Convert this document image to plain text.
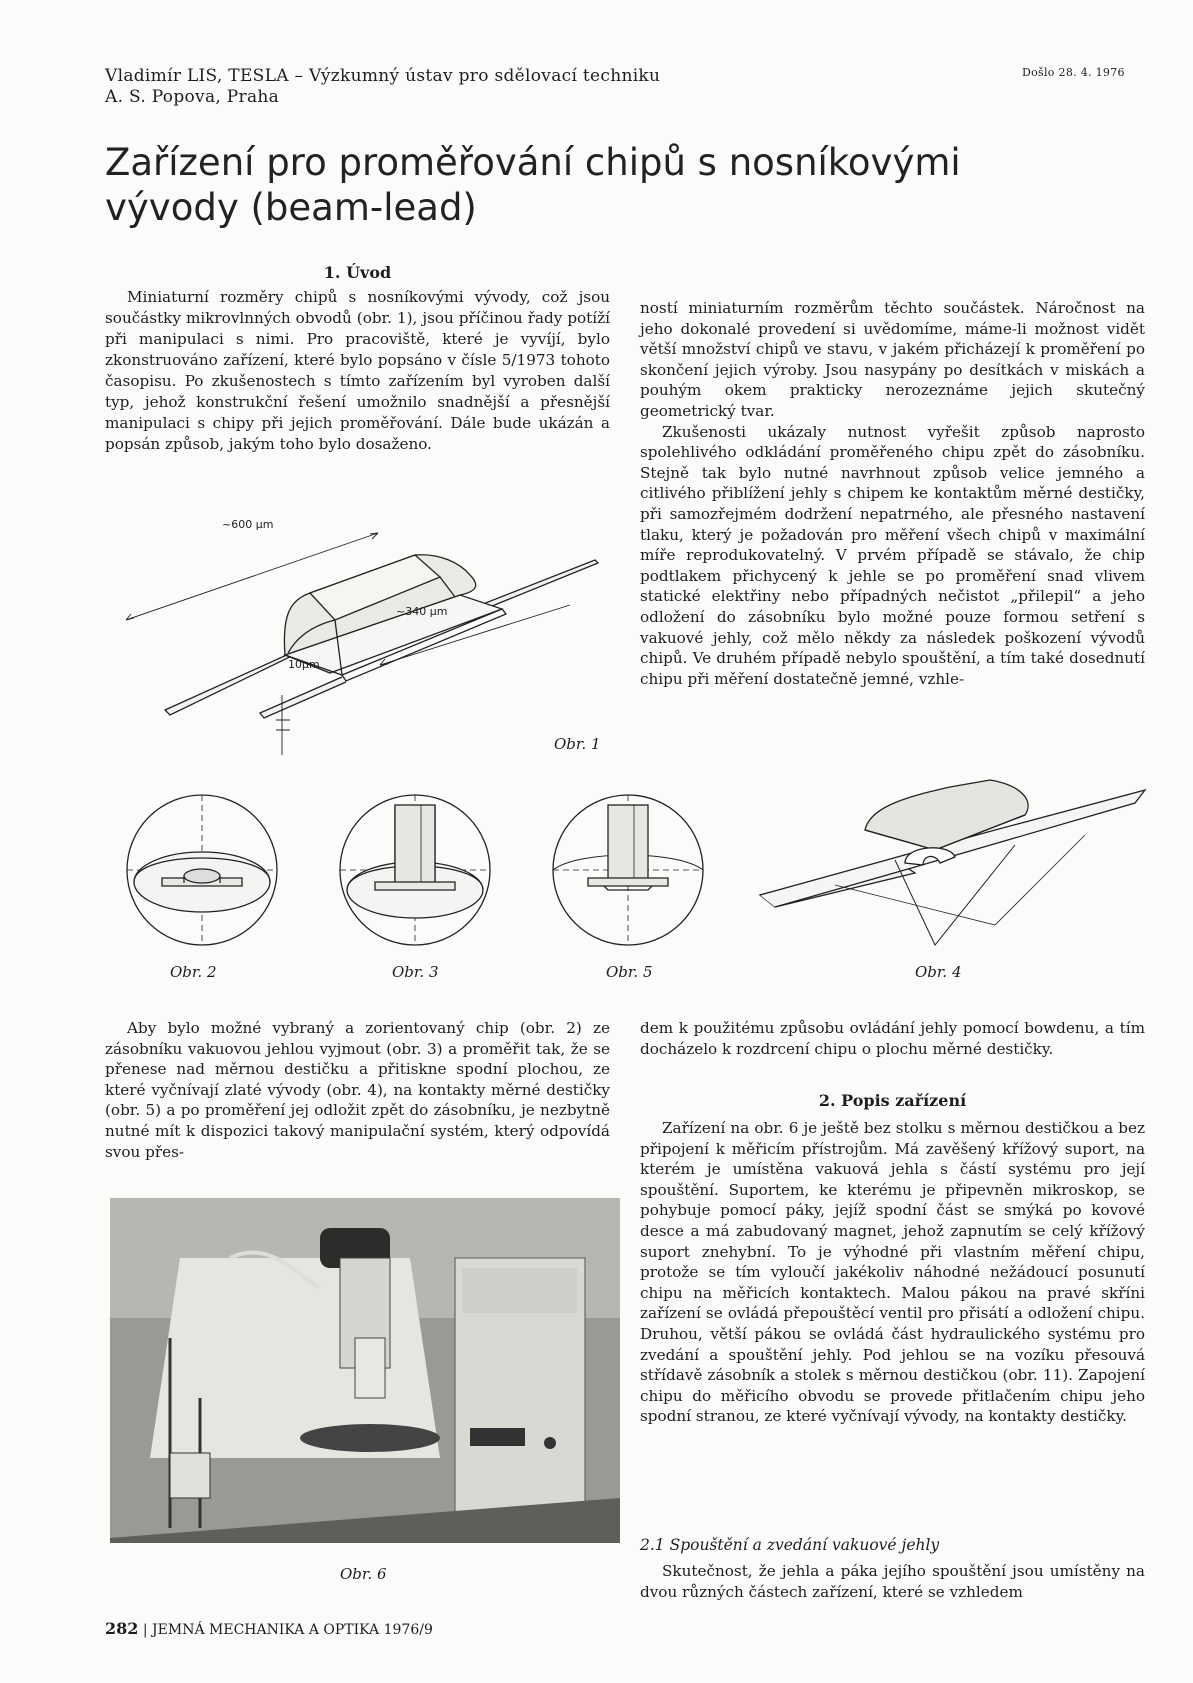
Vladimír LIS, TESLA – Výzkumný ústav pro sdělovací techniku A. S. Popova, Praha
Došlo 28. 4. 1976
Zařízení pro proměřování chipů s nosníkovými vývody (beam-lead)
1. Úvod

Miniaturní rozměry chipů s nosníkovými vývody, což jsou součástky mikrovlnných obvodů (obr. 1), jsou příčinou řady potíží při manipulaci s nimi. Pro pracoviště, které je vyvíjí, bylo zkonstruováno zařízení, které bylo popsáno v čísle 5/1973 tohoto časopisu. Po zkušenostech s tímto zařízením byl vyroben další typ, jehož konstrukční řešení umožnilo snadnější a přesnější manipulaci s chipy při jejich proměřování. Dále bude ukázán a popsán způsob, jakým toho bylo dosaženo.

ností miniaturním rozměrům těchto součástek. Náročnost na jeho dokonalé provedení si uvědomíme, máme-li možnost vidět větší množství chipů ve stavu, v jakém přicházejí k proměření po skončení jejich výroby. Jsou nasypány po desítkách v miskách a pouhým okem prakticky nerozeznáme jejich skutečný geometrický tvar.

Zkušenosti ukázaly nutnost vyřešit způsob naprosto spolehlivého odkládání proměřeného chipu zpět do zásobníku. Stejně tak bylo nutné navrhnout způsob velice jemného a citlivého přiblížení jehly s chipem ke kontaktům měrné destičky, při samozřejmém dodržení nepatrného, ale přesného nastavení tlaku, který je požadován pro měření všech chipů v maximální míře reprodukovatelný. V prvém případě se stávalo, že chip podtlakem přichycený k jehle se po proměření snad vlivem statické elektřiny nebo případných nečistot „přilepil“ a jeho odložení do zásobníku bylo možné pouze formou setření s vakuové jehly, což mělo někdy za následek poškození vývodů chipů. Ve druhém případě nebylo spouštění, a tím také dosednutí chipu při měření dostatečně jemné, vzhle-

~600 µm
~340 µm
10µm
Obr. 1
Obr. 2	Obr. 3	Obr. 5	Obr. 4

Aby bylo možné vybraný a zorientovaný chip (obr. 2) ze zásobníku vakuovou jehlou vyjmout (obr. 3) a proměřit tak, že se přenese nad měrnou destičku a přitiskne spodní plochou, ze které vyčnívají zlaté vývody (obr. 4), na kontakty měrné destičky (obr. 5) a po proměření jej odložit zpět do zásobníku, je nezbytně nutné mít k dispozici takový manipulační systém, který odpovídá svou přes-

dem k použitému způsobu ovládání jehly pomocí bowdenu, a tím docházelo k rozdrcení chipu o plochu měrné destičky.

2. Popis zařízení

Zařízení na obr. 6 je ještě bez stolku s měrnou destičkou a bez připojení k měřicím přístrojům. Má zavěšený křížový suport, na kterém je umístěna vakuová jehla s částí systému pro její spouštění. Suportem, ke kterému je připevněn mikroskop, se pohybuje pomocí páky, jejíž spodní část se smýká po kovové desce a má zabudovaný magnet, jehož zapnutím se celý křížový suport znehybní. To je výhodné při vlastním měření chipu, protože se tím vyloučí jakékoliv náhodné nežádoucí posunutí chipu na měřicích kontaktech. Malou pákou na pravé skříni zařízení se ovládá přepouštěcí ventil pro přisátí a odložení chipu. Druhou, větší pákou se ovládá část hydraulického systému pro zvedání a spouštění jehly. Pod jehlou se na vozíku přesouvá střídavě zásobník a stolek s měrnou destičkou (obr. 11). Zapojení chipu do měřicího obvodu se provede přitlačením chipu jeho spodní stranou, ze které vyčnívají vývody, na kontakty destičky.

2.1 Spouštění a zvedání vakuové jehly

Skutečnost, že jehla a páka jejího spouštění jsou umístěny na dvou různých částech zařízení, které se vzhledem

Obr. 6
282 | JEMNÁ MECHANIKA A OPTIKA 1976/9
